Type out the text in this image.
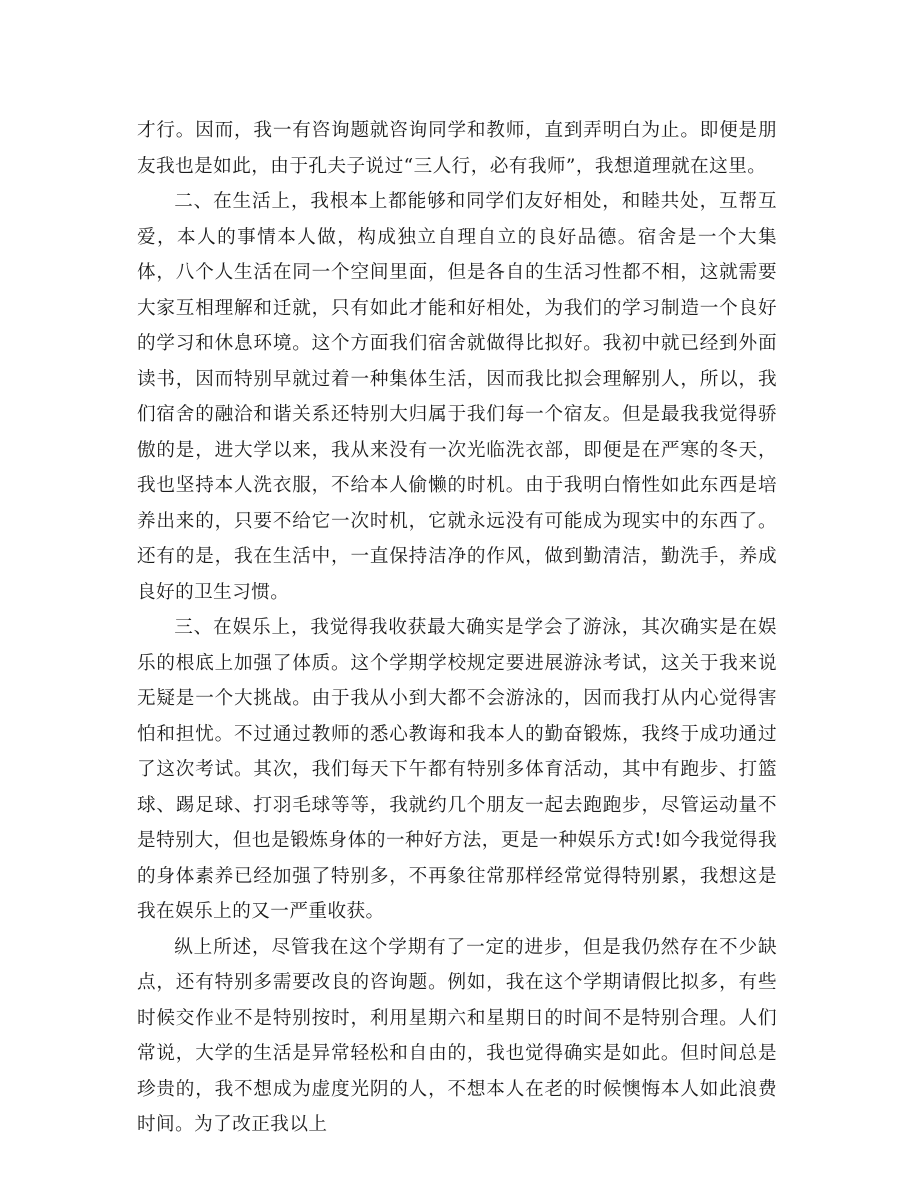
才行。因而，我一有咨询题就咨询同学和教师，直到弄明白为止。即便是朋友我也是如此，由于孔夫子说过“三人行，必有我师”，我想道理就在这里。

二、在生活上，我根本上都能够和同学们友好相处，和睦共处，互帮互爱，本人的事情本人做，构成独立自理自立的良好品德。宿舍是一个大集体，八个人生活在同一个空间里面，但是各自的生活习性都不相，这就需要大家互相理解和迁就，只有如此才能和好相处，为我们的学习制造一个良好的学习和休息环境。这个方面我们宿舍就做得比拟好。我初中就已经到外面读书，因而特别早就过着一种集体生活，因而我比拟会理解别人，所以，我们宿舍的融洽和谐关系还特别大归属于我们每一个宿友。但是最我我觉得骄傲的是，进大学以来，我从来没有一次光临洗衣部，即便是在严寒的冬天，我也坚持本人洗衣服，不给本人偷懒的时机。由于我明白惰性如此东西是培养出来的，只要不给它一次时机，它就永远没有可能成为现实中的东西了。还有的是，我在生活中，一直保持洁净的作风，做到勤清洁，勤洗手，养成良好的卫生习惯。

三、在娱乐上，我觉得我收获最大确实是学会了游泳，其次确实是在娱乐的根底上加强了体质。这个学期学校规定要进展游泳考试，这关于我来说无疑是一个大挑战。由于我从小到大都不会游泳的，因而我打从内心觉得害怕和担忧。不过通过教师的悉心教诲和我本人的勤奋锻炼，我终于成功通过了这次考试。其次，我们每天下午都有特别多体育活动，其中有跑步、打篮球、踢足球、打羽毛球等等，我就约几个朋友一起去跑跑步，尽管运动量不是特别大，但也是锻炼身体的一种好方法，更是一种娱乐方式!如今我觉得我的身体素养已经加强了特别多，不再象往常那样经常觉得特别累，我想这是我在娱乐上的又一严重收获。

纵上所述，尽管我在这个学期有了一定的进步，但是我仍然存在不少缺点，还有特别多需要改良的咨询题。例如，我在这个学期请假比拟多，有些时候交作业不是特别按时，利用星期六和星期日的时间不是特别合理。人们常说，大学的生活是异常轻松和自由的，我也觉得确实是如此。但时间总是珍贵的，我不想成为虚度光阴的人，不想本人在老的时候懊悔本人如此浪费时间。为了改正我以上
